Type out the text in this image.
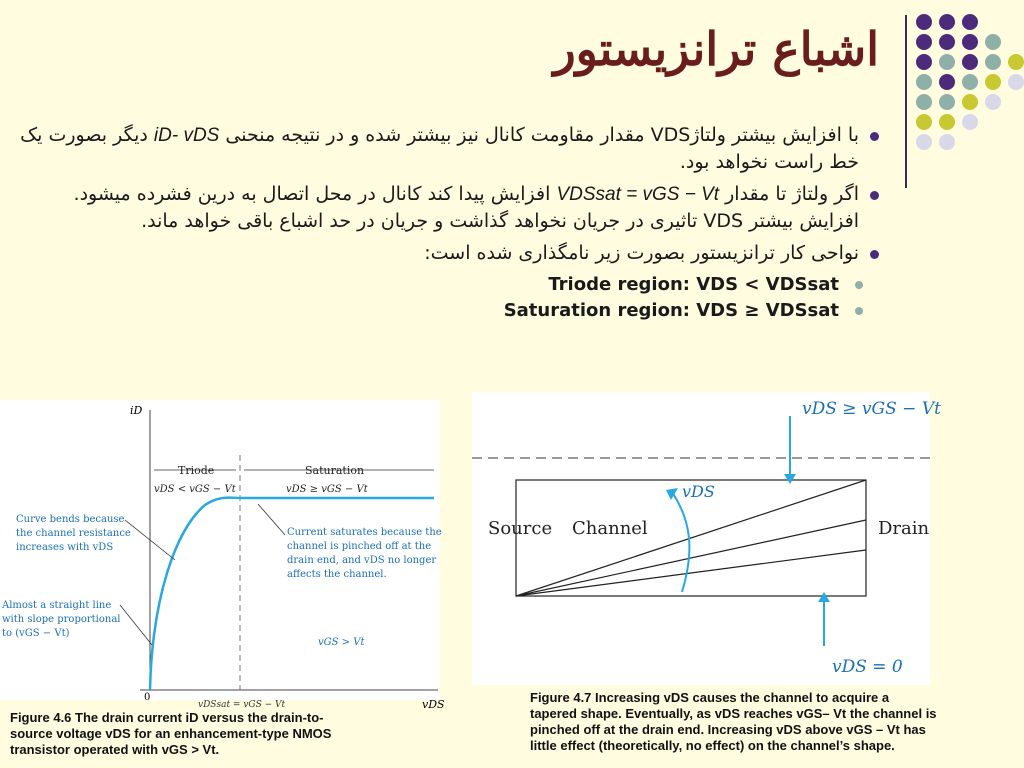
اشباع ترانزیستور
با افزایش بیشتر ولتاژVDS مقدار مقاومت کانال نیز بیشتر شده و در نتیجه منحنی iD- vDS دیگر بصورت یک خط راست نخواهد بود.
اگر ولتاژ تا مقدار VDSsat = vGS − Vt افزایش پیدا کند کانال در محل اتصال به درین فشرده میشود. افزایش بیشتر VDS تاثیری در جریان نخواهد گذاشت و جریان در حد اشباع باقی خواهد ماند.
نواحی کار ترانزیستور بصورت زیر نامگذاری شده است:
Triode region: VDS < VDSsat
Saturation region: VDS ≥ VDSsat
iD
vDS
0
Triode	Saturation
vDS < vGS − Vt	vDS ≥ vGS − Vt
Curve bends because the channel resistance increases with vDS
Almost a straight line with slope proportional to (vGS − Vt)
Current saturates because the channel is pinched off at the drain end, and vDS no longer affects the channel.
vGS > Vt
vDSsat = vGS − Vt
Figure 4.6 The drain current iD versus the drain-to-
source voltage vDS for an enhancement-type NMOS
transistor operated with vGS > Vt.
Source Channel	Drain
vDS
vDS ≥ vGS − Vt
vDS = 0
Figure 4.7 Increasing vDS causes the channel to acquire a
tapered shape. Eventually, as vDS reaches vGS– Vt the channel is
pinched off at the drain end. Increasing vDS above vGS – Vt has
little effect (theoretically, no effect) on the channel’s shape.
